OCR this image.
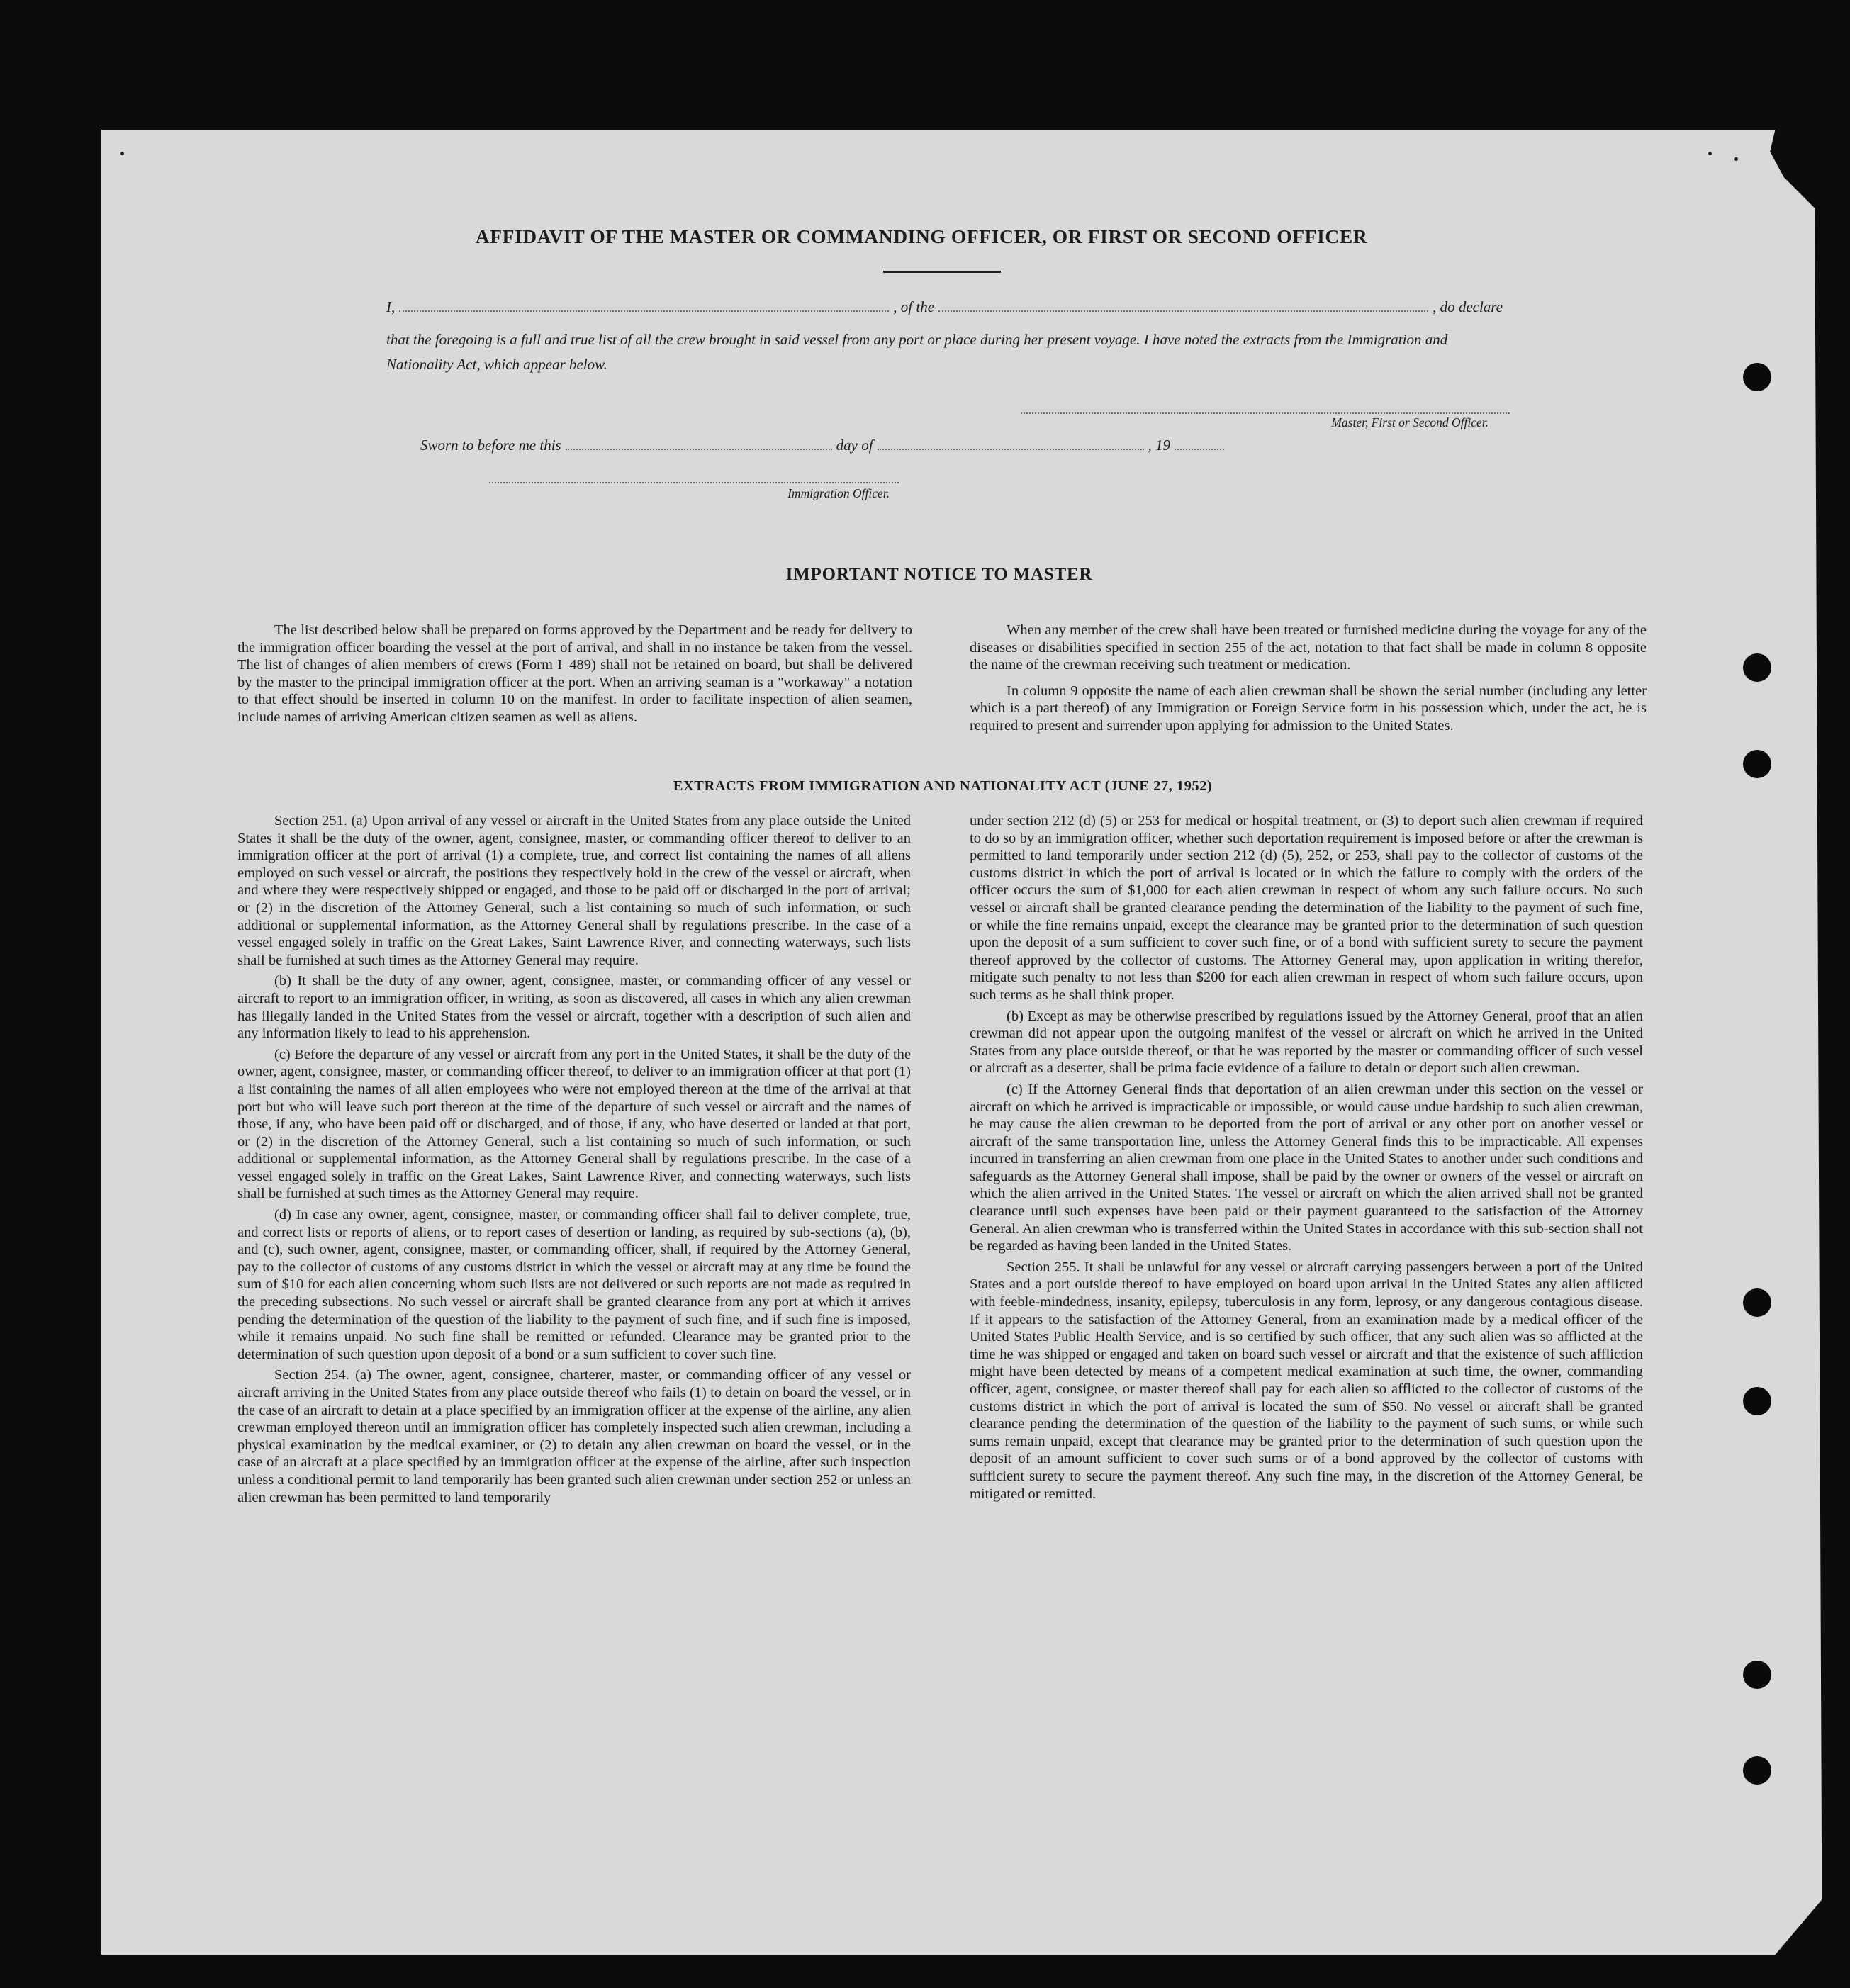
AFFIDAVIT OF THE MASTER OR COMMANDING OFFICER, OR FIRST OR SECOND OFFICER
I,	, of the	, do declare
that the foregoing is a full and true list of all the crew brought in said vessel from any port or place during her present voyage. I have noted the extracts from the Immigration and Nationality Act, which appear below.
Master, First or Second Officer.
Sworn to before me this	day of	, 19
Immigration Officer.
IMPORTANT NOTICE TO MASTER

The list described below shall be prepared on forms approved by the Department and be ready for delivery to the immigration officer boarding the vessel at the port of arrival, and shall in no instance be taken from the vessel. The list of changes of alien members of crews (Form I–489) shall not be retained on board, but shall be delivered by the master to the principal immigration officer at the port. When an arriving seaman is a "workaway" a notation to that effect should be inserted in column 10 on the manifest. In order to facilitate inspection of alien seamen, include names of arriving American citizen seamen as well as aliens.

When any member of the crew shall have been treated or furnished medicine during the voyage for any of the diseases or disabilities specified in section 255 of the act, notation to that fact shall be made in column 8 opposite the name of the crewman receiving such treatment or medication.

In column 9 opposite the name of each alien crewman shall be shown the serial number (including any letter which is a part thereof) of any Immigration or Foreign Service form in his possession which, under the act, he is required to present and surrender upon applying for admission to the United States.

EXTRACTS FROM IMMIGRATION AND NATIONALITY ACT (JUNE 27, 1952)

Section 251. (a) Upon arrival of any vessel or aircraft in the United States from any place outside the United States it shall be the duty of the owner, agent, consignee, master, or commanding officer thereof to deliver to an immigration officer at the port of arrival (1) a complete, true, and correct list containing the names of all aliens employed on such vessel or aircraft, the positions they respectively hold in the crew of the vessel or aircraft, when and where they were respectively shipped or engaged, and those to be paid off or discharged in the port of arrival; or (2) in the discretion of the Attorney General, such a list containing so much of such information, or such additional or supplemental information, as the Attorney General shall by regulations prescribe. In the case of a vessel engaged solely in traffic on the Great Lakes, Saint Lawrence River, and connecting waterways, such lists shall be furnished at such times as the Attorney General may require.

(b) It shall be the duty of any owner, agent, consignee, master, or commanding officer of any vessel or aircraft to report to an immigration officer, in writing, as soon as discovered, all cases in which any alien crewman has illegally landed in the United States from the vessel or aircraft, together with a description of such alien and any information likely to lead to his apprehension.

(c) Before the departure of any vessel or aircraft from any port in the United States, it shall be the duty of the owner, agent, consignee, master, or commanding officer thereof, to deliver to an immigration officer at that port (1) a list containing the names of all alien employees who were not employed thereon at the time of the arrival at that port but who will leave such port thereon at the time of the departure of such vessel or aircraft and the names of those, if any, who have been paid off or discharged, and of those, if any, who have deserted or landed at that port, or (2) in the discretion of the Attorney General, such a list containing so much of such information, or such additional or supplemental information, as the Attorney General shall by regulations prescribe. In the case of a vessel engaged solely in traffic on the Great Lakes, Saint Lawrence River, and connecting waterways, such lists shall be furnished at such times as the Attorney General may require.

(d) In case any owner, agent, consignee, master, or commanding officer shall fail to deliver complete, true, and correct lists or reports of aliens, or to report cases of desertion or landing, as required by sub-sections (a), (b), and (c), such owner, agent, consignee, master, or commanding officer, shall, if required by the Attorney General, pay to the collector of customs of any customs district in which the vessel or aircraft may at any time be found the sum of $10 for each alien concerning whom such lists are not delivered or such reports are not made as required in the preceding subsections. No such vessel or aircraft shall be granted clearance from any port at which it arrives pending the determination of the question of the liability to the payment of such fine, and if such fine is imposed, while it remains unpaid. No such fine shall be remitted or refunded. Clearance may be granted prior to the determination of such question upon deposit of a bond or a sum sufficient to cover such fine.

Section 254. (a) The owner, agent, consignee, charterer, master, or commanding officer of any vessel or aircraft arriving in the United States from any place outside thereof who fails (1) to detain on board the vessel, or in the case of an aircraft to detain at a place specified by an immigration officer at the expense of the airline, any alien crewman employed thereon until an immigration officer has completely inspected such alien crewman, including a physical examination by the medical examiner, or (2) to detain any alien crewman on board the vessel, or in the case of an aircraft at a place specified by an immigration officer at the expense of the airline, after such inspection unless a conditional permit to land temporarily has been granted such alien crewman under section 252 or unless an alien crewman has been permitted to land temporarily

under section 212 (d) (5) or 253 for medical or hospital treatment, or (3) to deport such alien crewman if required to do so by an immigration officer, whether such deportation requirement is imposed before or after the crewman is permitted to land temporarily under section 212 (d) (5), 252, or 253, shall pay to the collector of customs of the customs district in which the port of arrival is located or in which the failure to comply with the orders of the officer occurs the sum of $1,000 for each alien crewman in respect of whom any such failure occurs. No such vessel or aircraft shall be granted clearance pending the determination of the liability to the payment of such fine, or while the fine remains unpaid, except the clearance may be granted prior to the determination of such question upon the deposit of a sum sufficient to cover such fine, or of a bond with sufficient surety to secure the payment thereof approved by the collector of customs. The Attorney General may, upon application in writing therefor, mitigate such penalty to not less than $200 for each alien crewman in respect of whom such failure occurs, upon such terms as he shall think proper.

(b) Except as may be otherwise prescribed by regulations issued by the Attorney General, proof that an alien crewman did not appear upon the outgoing manifest of the vessel or aircraft on which he arrived in the United States from any place outside thereof, or that he was reported by the master or commanding officer of such vessel or aircraft as a deserter, shall be prima facie evidence of a failure to detain or deport such alien crewman.

(c) If the Attorney General finds that deportation of an alien crewman under this section on the vessel or aircraft on which he arrived is impracticable or impossible, or would cause undue hardship to such alien crewman, he may cause the alien crewman to be deported from the port of arrival or any other port on another vessel or aircraft of the same transportation line, unless the Attorney General finds this to be impracticable. All expenses incurred in transferring an alien crewman from one place in the United States to another under such conditions and safeguards as the Attorney General shall impose, shall be paid by the owner or owners of the vessel or aircraft on which the alien arrived in the United States. The vessel or aircraft on which the alien arrived shall not be granted clearance until such expenses have been paid or their payment guaranteed to the satisfaction of the Attorney General. An alien crewman who is transferred within the United States in accordance with this sub-section shall not be regarded as having been landed in the United States.

Section 255. It shall be unlawful for any vessel or aircraft carrying passengers between a port of the United States and a port outside thereof to have employed on board upon arrival in the United States any alien afflicted with feeble-mindedness, insanity, epilepsy, tuberculosis in any form, leprosy, or any dangerous contagious disease. If it appears to the satisfaction of the Attorney General, from an examination made by a medical officer of the United States Public Health Service, and is so certified by such officer, that any such alien was so afflicted at the time he was shipped or engaged and taken on board such vessel or aircraft and that the existence of such affliction might have been detected by means of a competent medical examination at such time, the owner, commanding officer, agent, consignee, or master thereof shall pay for each alien so afflicted to the collector of customs of the customs district in which the port of arrival is located the sum of $50. No vessel or aircraft shall be granted clearance pending the determination of the question of the liability to the payment of such sums, or while such sums remain unpaid, except that clearance may be granted prior to the determination of such question upon the deposit of an amount sufficient to cover such sums or of a bond approved by the collector of customs with sufficient surety to secure the payment thereof. Any such fine may, in the discretion of the Attorney General, be mitigated or remitted.
